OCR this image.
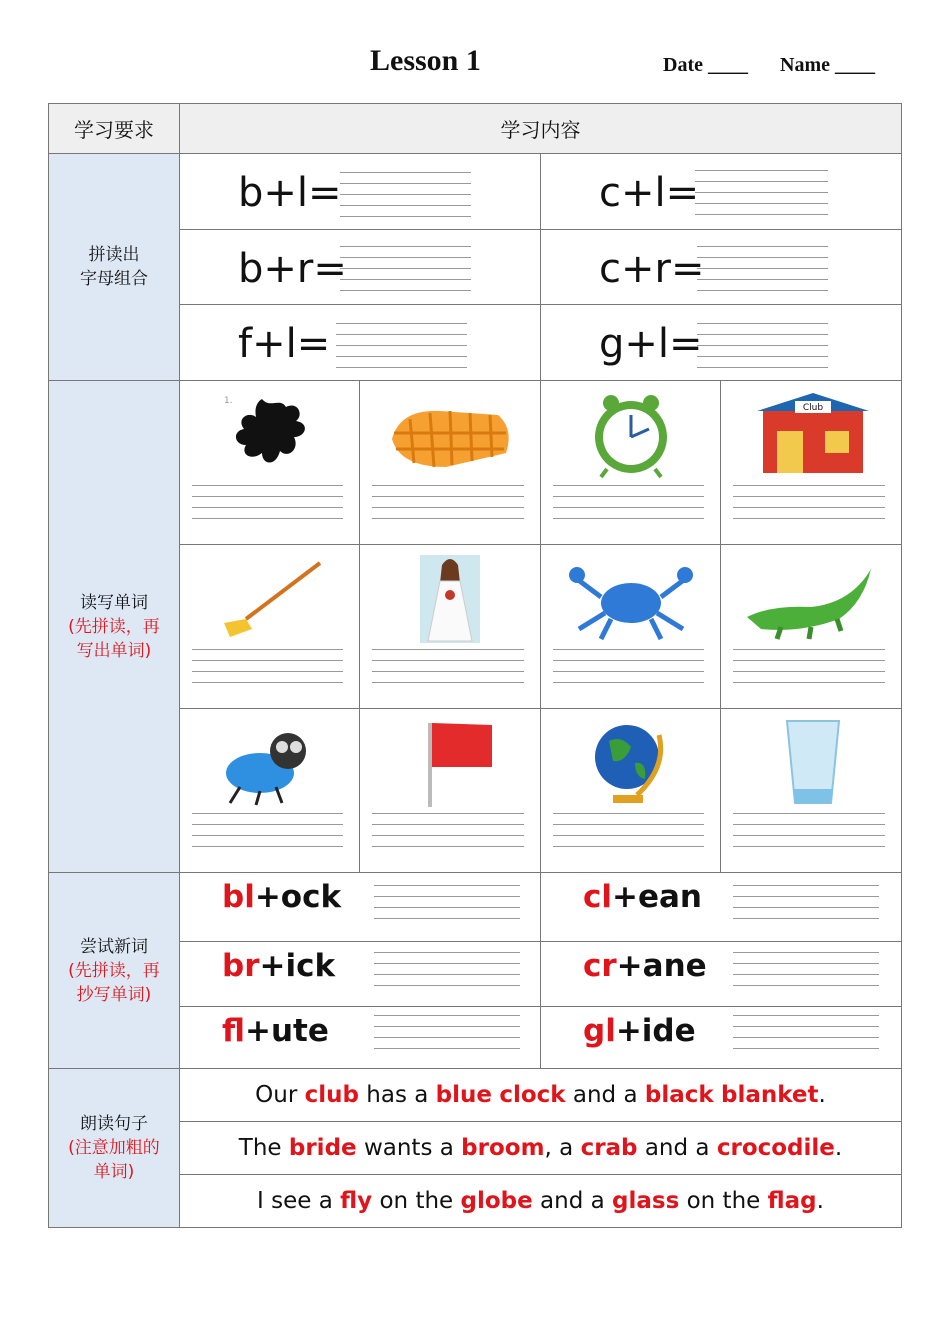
Lesson 1	Date ____ Name ____
学习要求	学习内容			

拼读出
字母组合	b+l=		c+l=	

	b+r=		c+r=	

	f+l=		g+l=	

读写单词
(先拼读，再
写出单词)	1.			Club

尝试新词
(先拼读，再
抄写单词)	bl+ock		cl+ean	

	br+ick		cr+ane	

	fl+ute		gl+ide	

朗读句子
(注意加粗的
单词)	Our club has a blue clock and a black blanket.			
	The bride wants a broom, a crab and a crocodile.			
	I see a fly on the globe and a glass on the flag.			
